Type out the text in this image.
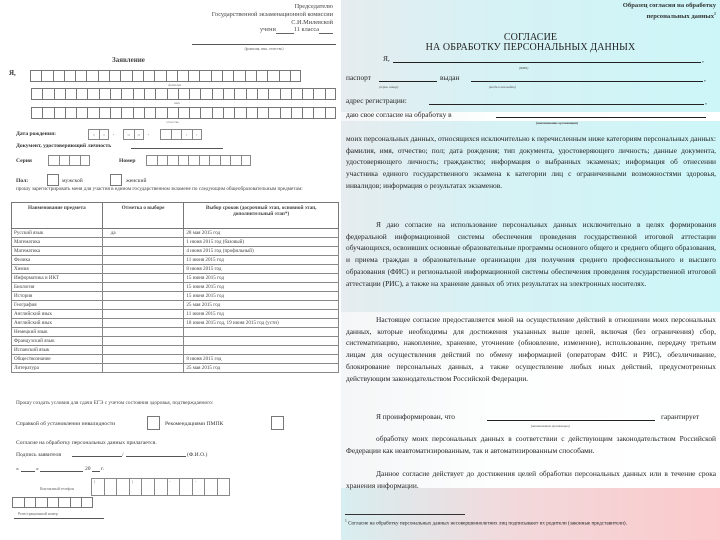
Председателю
Государственной экзаменационной комиссии
С.И.Милевской
учени	11 класса
(фамилия, имя, отчество)
Заявление
Я,
фамилия
имя
отчество
Дата рождения:	ч	ч	.	м	м	.	г	г
Документ, удостоверяющий личность
Серия	Номер
Пол:	мужской	женский
прошу зарегистрировать меня для участия в едином государственном экзамене по следующим общеобразовательным предметам:
Наименование предмета	Отметка о выборе	Выбор сроков (досрочный этап, основной этап, дополнительный этап*)
Русский язык	да	28 мая 2015 год
Математика		1 июня 2015 год (базовый)
Математика		4 июня 2015 год (профильный)
Физика		11 июня 2015 год
Химия		8 июня 2015 год
Информатика и ИКТ		15 июня 2015 год
Биология		15 июня 2015 год
История		15 июня 2015 год
География		25 мая 2015 год
Английский язык		11 июня 2015 год
Английский язык		18 июня 2015 год, 19 июня 2015 год (устн)
Немецкий язык		
Французский язык		
Испанский язык		
Обществознание		8 июня 2015 год
Литература		25 мая 2015 год
Прошу создать условия для сдачи ЕГЭ с учетом состояния здоровья, подтверждаемого:
Справкой об установлении инвалидности	Рекомендациями ПМПК
Согласие на обработку персональных данных прилагается.
Подпись заявителя	/	(Ф.И.О.)
«	»	20 г.
Контактный телефон
(	)	-	-
Регистрационный номер
Образец согласия на обработку
персональных данных$^1$
СОГЛАСИЕ
НА ОБРАБОТКУ ПЕРСОНАЛЬНЫХ ДАННЫХ
Я,	,
(ФИО)
паспорт	выдан	,
(серия, номер)	(когда и кем выдан)
адрес регистрации:	,
даю свое согласие на обработку в
(наименование организации)
моих персональных данных, относящихся исключительно к перечисленным ниже категориям персональных данных: фамилия, имя, отчество; пол; дата рождения; тип документа, удостоверяющего личность; данные документа, удостоверяющего личность; гражданство; информация о выбранных экзаменах; информация об отнесении участника единого государственного экзамена к категории лиц с ограниченными возможностями здоровья, инвалидов; информация о результатах экзаменов.
Я даю согласие на использование персональных данных исключительно в целях формирования федеральной информационной системы обеспечения проведения государственной итоговой аттестации обучающихся, освоивших основные образовательные программы основного общего и среднего общего образования, и приема граждан в образовательные организации для получения среднего профессионального и высшего образования (ФИС) и региональной информационной системы обеспечения проведения государственной итоговой аттестации (РИС), а также на хранение данных об этих результатах на электронных носителях.
Настоящее согласие предоставляется мной на осуществление действий в отношении моих персональных данных, которые необходимы для достижения указанных выше целей, включая (без ограничения) сбор, систематизацию, накопление, хранение, уточнение (обновление, изменение), использование, передачу третьим лицам для осуществления действий по обмену информацией (операторам ФИС и РИС), обезличивание, блокирование персональных данных, а также осуществление любых иных действий, предусмотренных действующим законодательством Российской Федерации.
Я проинформирован, что	гарантирует
(наименование организации)
обработку моих персональных данных в соответствии с действующим законодательством Российской Федерации как неавтоматизированным, так и автоматизированным способами.
Данное согласие действует до достижения целей обработки персональных данных или в течение срока хранения информации.
$^1$ Согласие на обработку персональных данных несовершеннолетних лиц подписывают их родители (законные представители).
